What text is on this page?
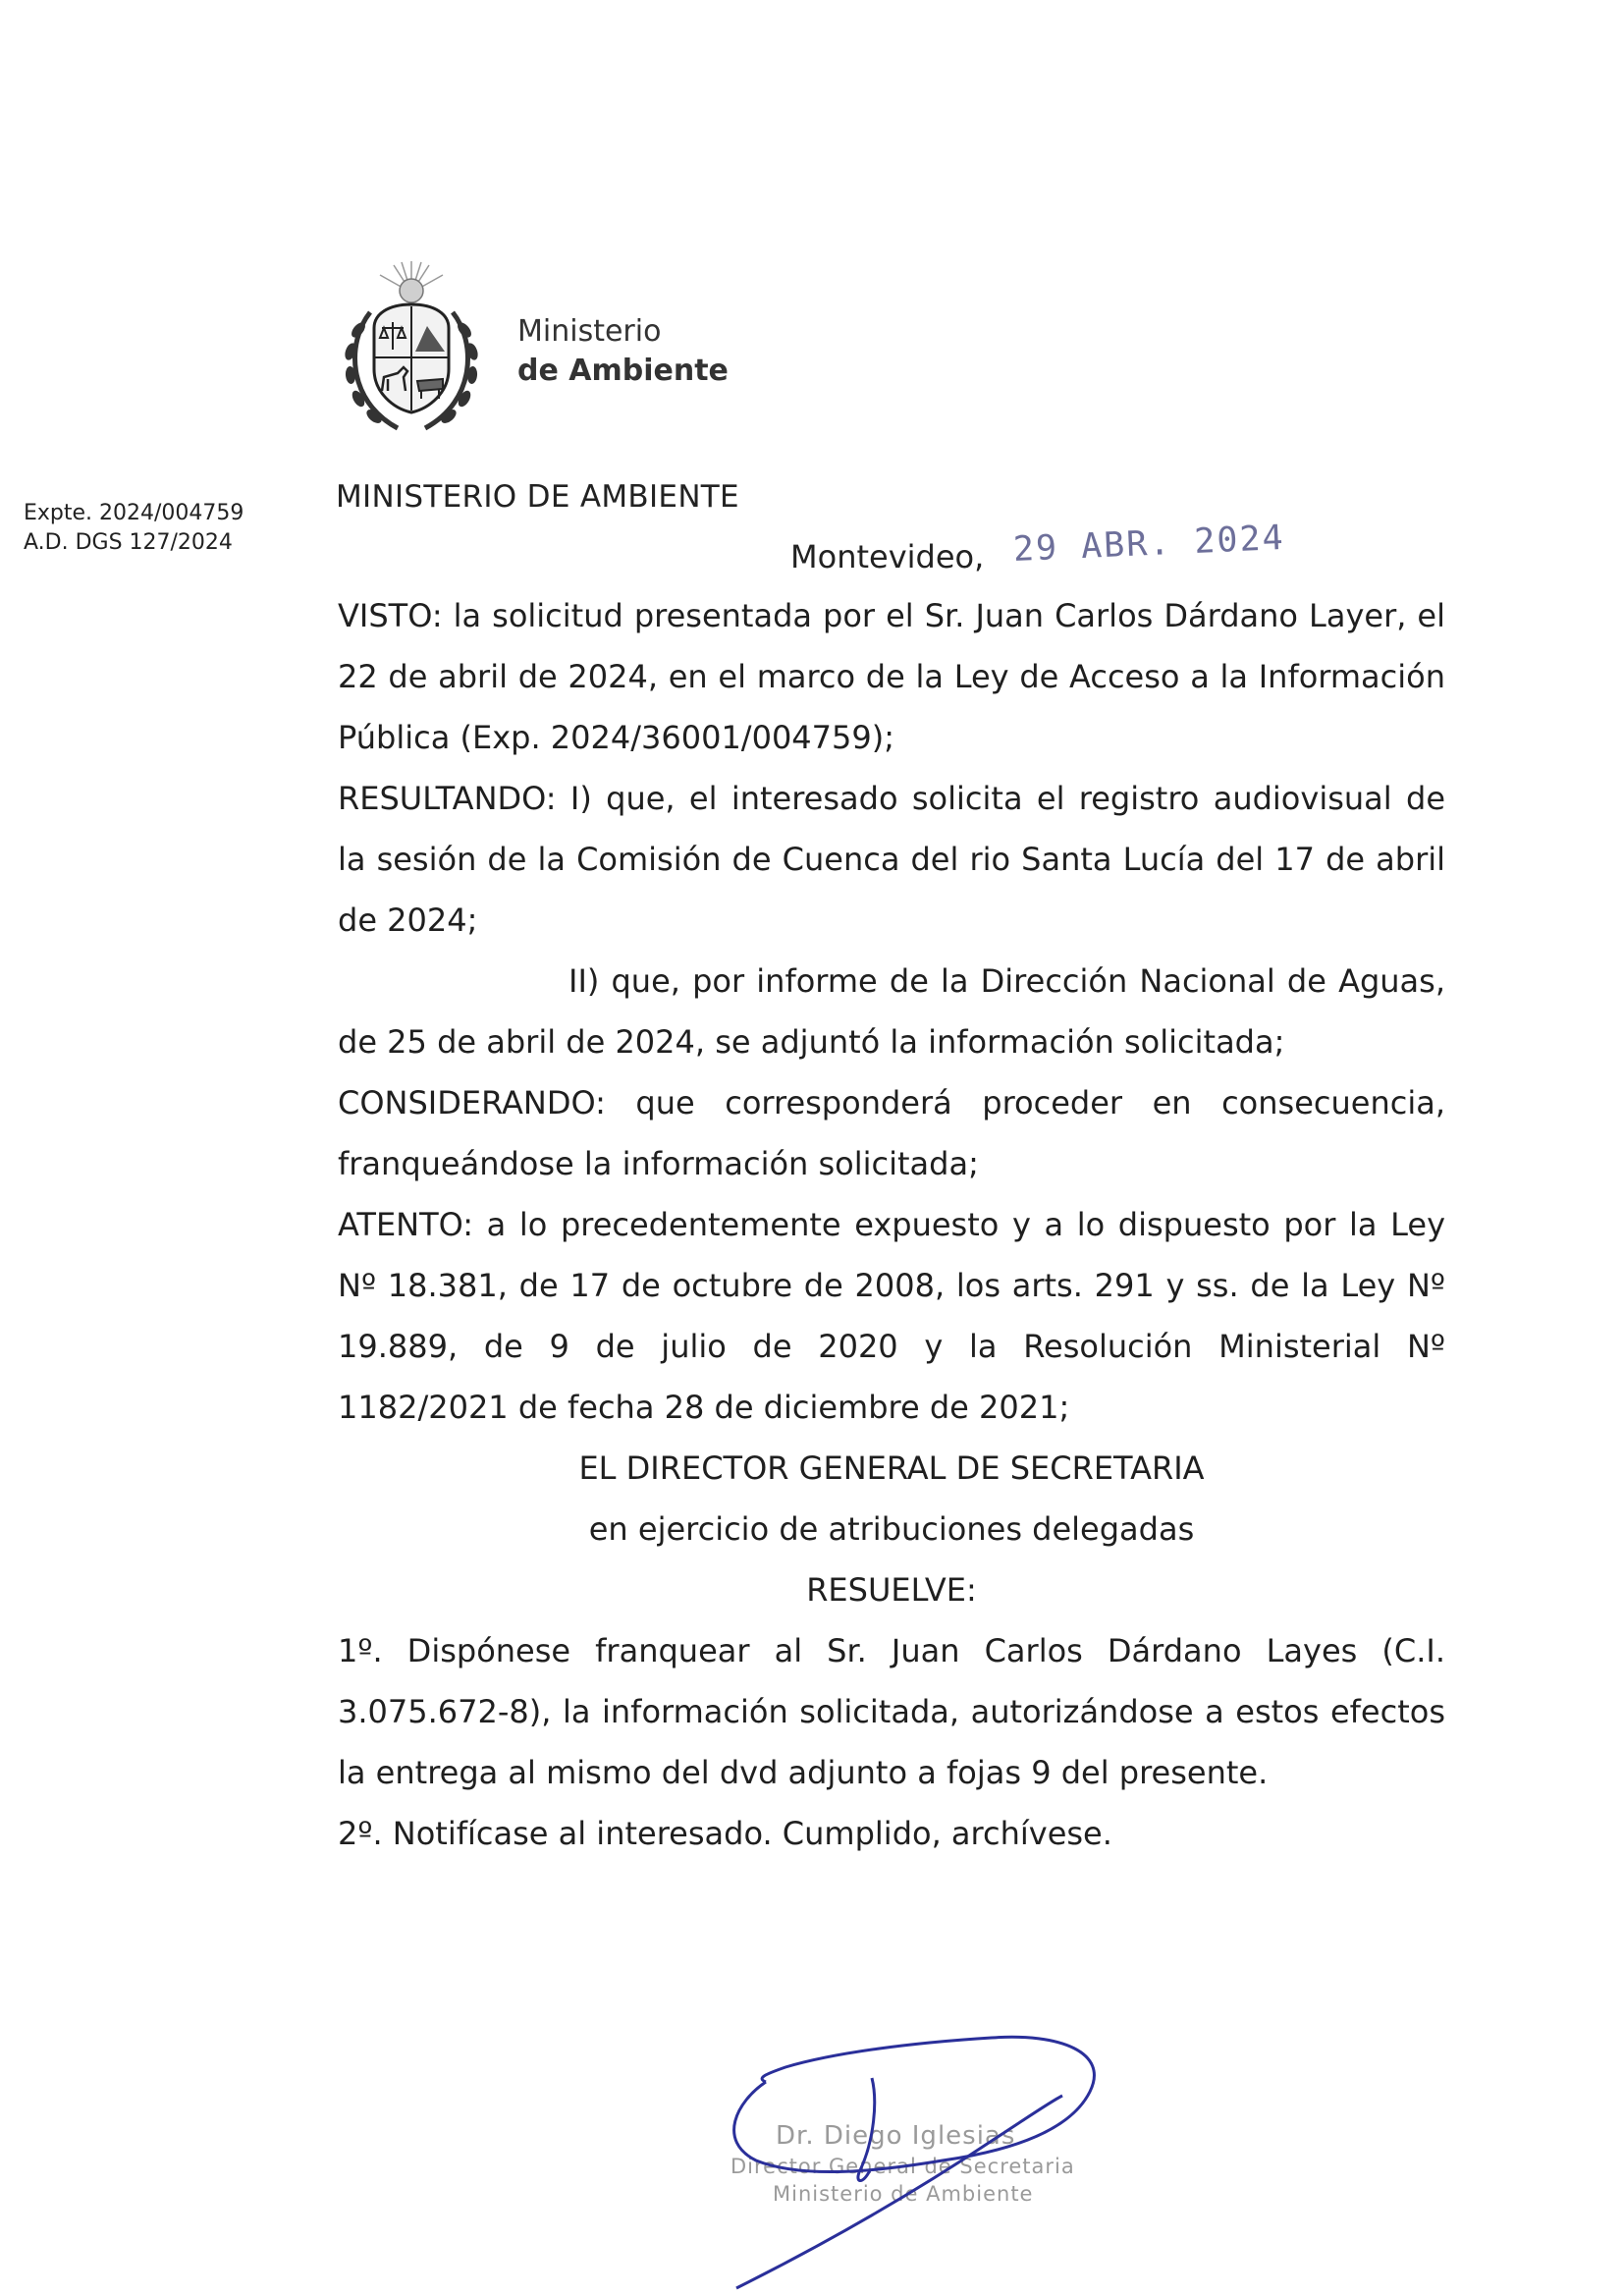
Ministerio
de Ambiente
Expte. 2024/004759
A.D. DGS 127/2024
MINISTERIO DE AMBIENTE
Montevideo, 29 ABR. 2024

VISTO: la solicitud presentada por el Sr. Juan Carlos Dárdano Layer, el 22 de abril de 2024, en el marco de la Ley de Acceso a la Información Pública (Exp. 2024/36001/004759);

RESULTANDO: I) que, el interesado solicita el registro audiovisual de la sesión de la Comisión de Cuenca del rio Santa Lucía del 17 de abril de 2024;

II) que, por informe de la Dirección Nacional de Aguas, de 25 de abril de 2024, se adjuntó la información solicitada;

CONSIDERANDO: que corresponderá proceder en consecuencia, franqueándose la información solicitada;

ATENTO: a lo precedentemente expuesto y a lo dispuesto por la Ley Nº 18.381, de 17 de octubre de 2008, los arts. 291 y ss. de la Ley Nº 19.889, de 9 de julio de 2020 y la Resolución Ministerial Nº 1182/2021 de fecha 28 de diciembre de 2021;

EL DIRECTOR GENERAL DE SECRETARIA

en ejercicio de atribuciones delegadas

RESUELVE:

1º. Dispónese franquear al Sr. Juan Carlos Dárdano Layes (C.I. 3.075.672-8), la información solicitada, autorizándose a estos efectos la entrega al mismo del dvd adjunto a fojas 9 del presente.

2º. Notifícase al interesado. Cumplido, archívese.

Dr. Diego Iglesias
Director General de Secretaria
Ministerio de Ambiente
